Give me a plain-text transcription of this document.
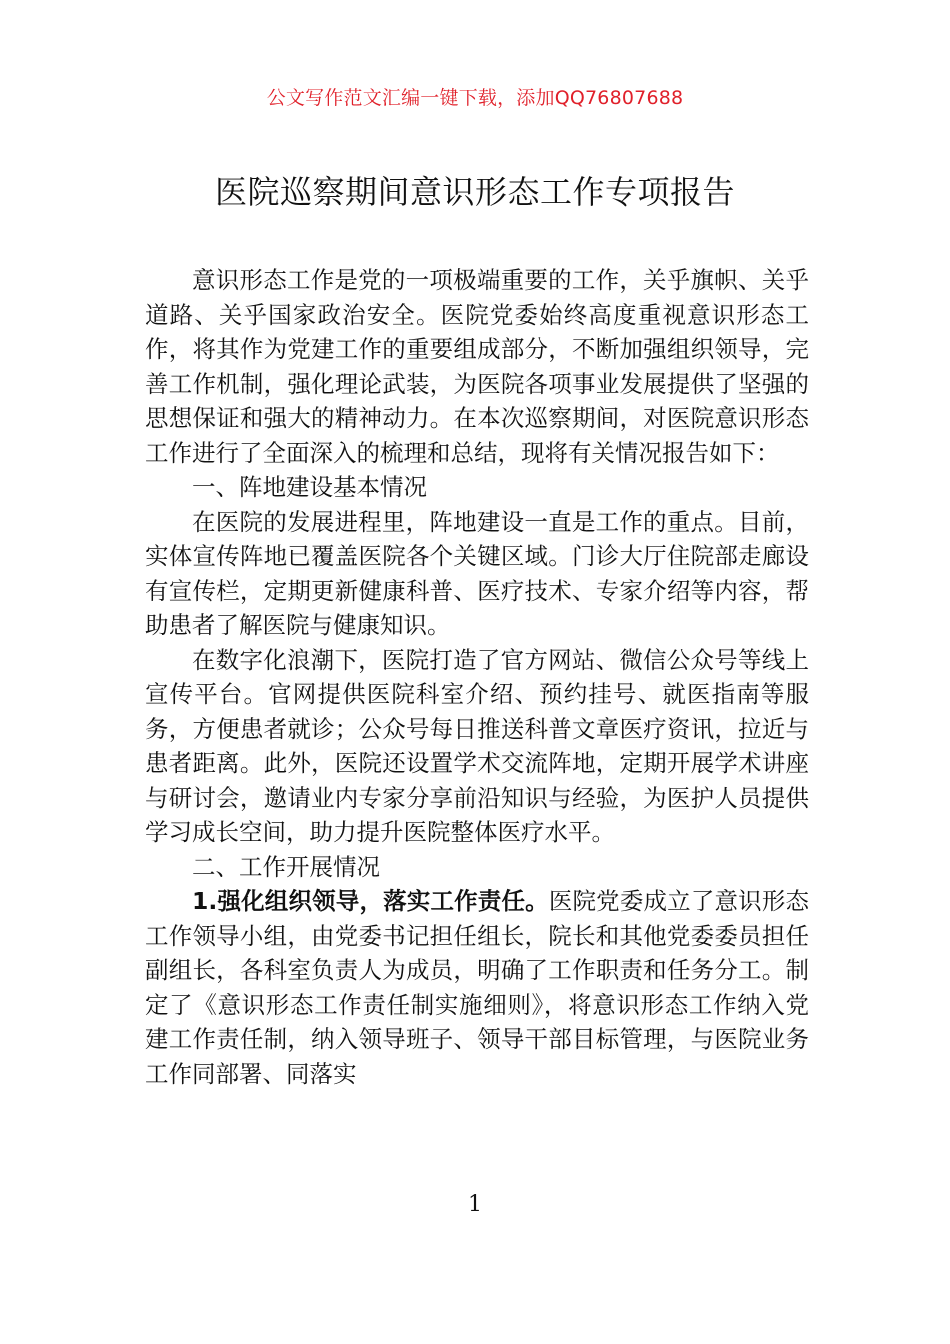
公文写作范文汇编一键下载，添加QQ76807688
医院巡察期间意识形态工作专项报告

意识形态工作是党的一项极端重要的工作，关乎旗帜、关乎道路、关乎国家政治安全。医院党委始终高度重视意识形态工作，将其作为党建工作的重要组成部分，不断加强组织领导，完善工作机制，强化理论武装，为医院各项事业发展提供了坚强的思想保证和强大的精神动力。在本次巡察期间，对医院意识形态工作进行了全面深入的梳理和总结，现将有关情况报告如下：

一、阵地建设基本情况

在医院的发展进程里，阵地建设一直是工作的重点。目前，实体宣传阵地已覆盖医院各个关键区域。门诊大厅住院部走廊设有宣传栏，定期更新健康科普、医疗技术、专家介绍等内容，帮助患者了解医院与健康知识。

在数字化浪潮下，医院打造了官方网站、微信公众号等线上宣传平台。官网提供医院科室介绍、预约挂号、就医指南等服务，方便患者就诊；公众号每日推送科普文章医疗资讯，拉近与患者距离。此外，医院还设置学术交流阵地，定期开展学术讲座与研讨会，邀请业内专家分享前沿知识与经验，为医护人员提供学习成长空间，助力提升医院整体医疗水平。

二、工作开展情况

1.强化组织领导，落实工作责任。医院党委成立了意识形态工作领导小组，由党委书记担任组长，院长和其他党委委员担任副组长，各科室负责人为成员，明确了工作职责和任务分工。制定了《意识形态工作责任制实施细则》，将意识形态工作纳入党建工作责任制，纳入领导班子、领导干部目标管理，与医院业务工作同部署、同落实

1
